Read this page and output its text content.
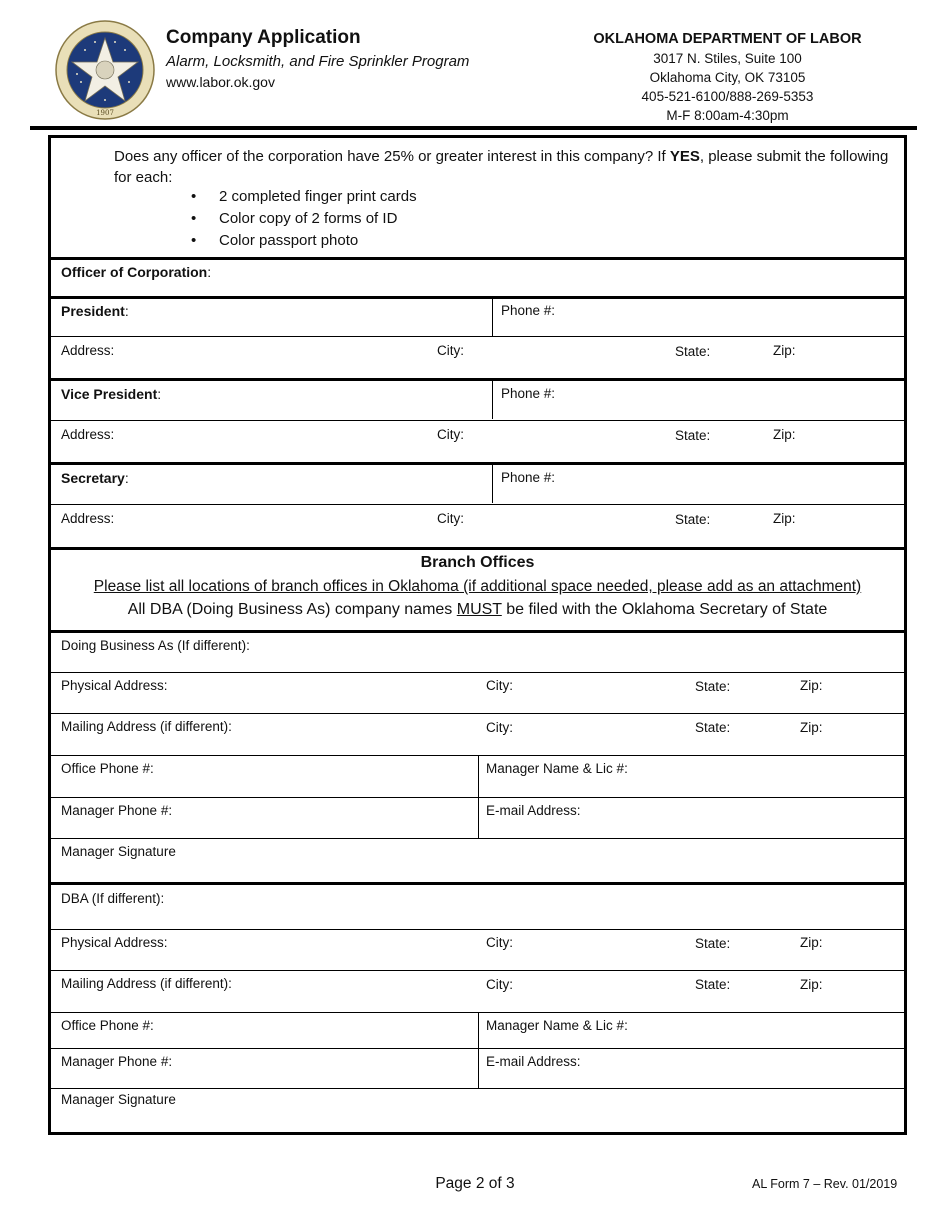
1907
Company Application
Alarm, Locksmith, and Fire Sprinkler Program
www.labor.ok.gov
OKLAHOMA DEPARTMENT OF LABOR
3017 N. Stiles, Suite 100
Oklahoma City, OK 73105
405-521-6100/888-269-5353
M-F 8:00am-4:30pm
Does any officer of the corporation have 25% or greater interest in this company? If YES, please submit the following for each:
• 2 completed finger print cards
• Color copy of 2 forms of ID
• Color passport photo
Officer of Corporation:
President:	Phone #:
Address:	City:	State:	Zip:
Vice President:	Phone #:
Address:	City:	State:	Zip:
Secretary:	Phone #:
Address:	City:	State:	Zip:
Branch Offices
Please list all locations of branch offices in Oklahoma (if additional space needed, please add as an attachment)
All DBA (Doing Business As) company names MUST be filed with the Oklahoma Secretary of State
Doing Business As (If different):
Physical Address:	City:	State:	Zip:
Mailing Address (if different):	City:	State:	Zip:
Office Phone #:	Manager Name & Lic #:
Manager Phone #:	E-mail Address:
Manager Signature
DBA (If different):
Physical Address:	City:	State:	Zip:
Mailing Address (if different):	City:	State:	Zip:
Office Phone #:	Manager Name & Lic #:
Manager Phone #:	E-mail Address:
Manager Signature
Page 2 of 3	AL Form 7 – Rev. 01/2019
